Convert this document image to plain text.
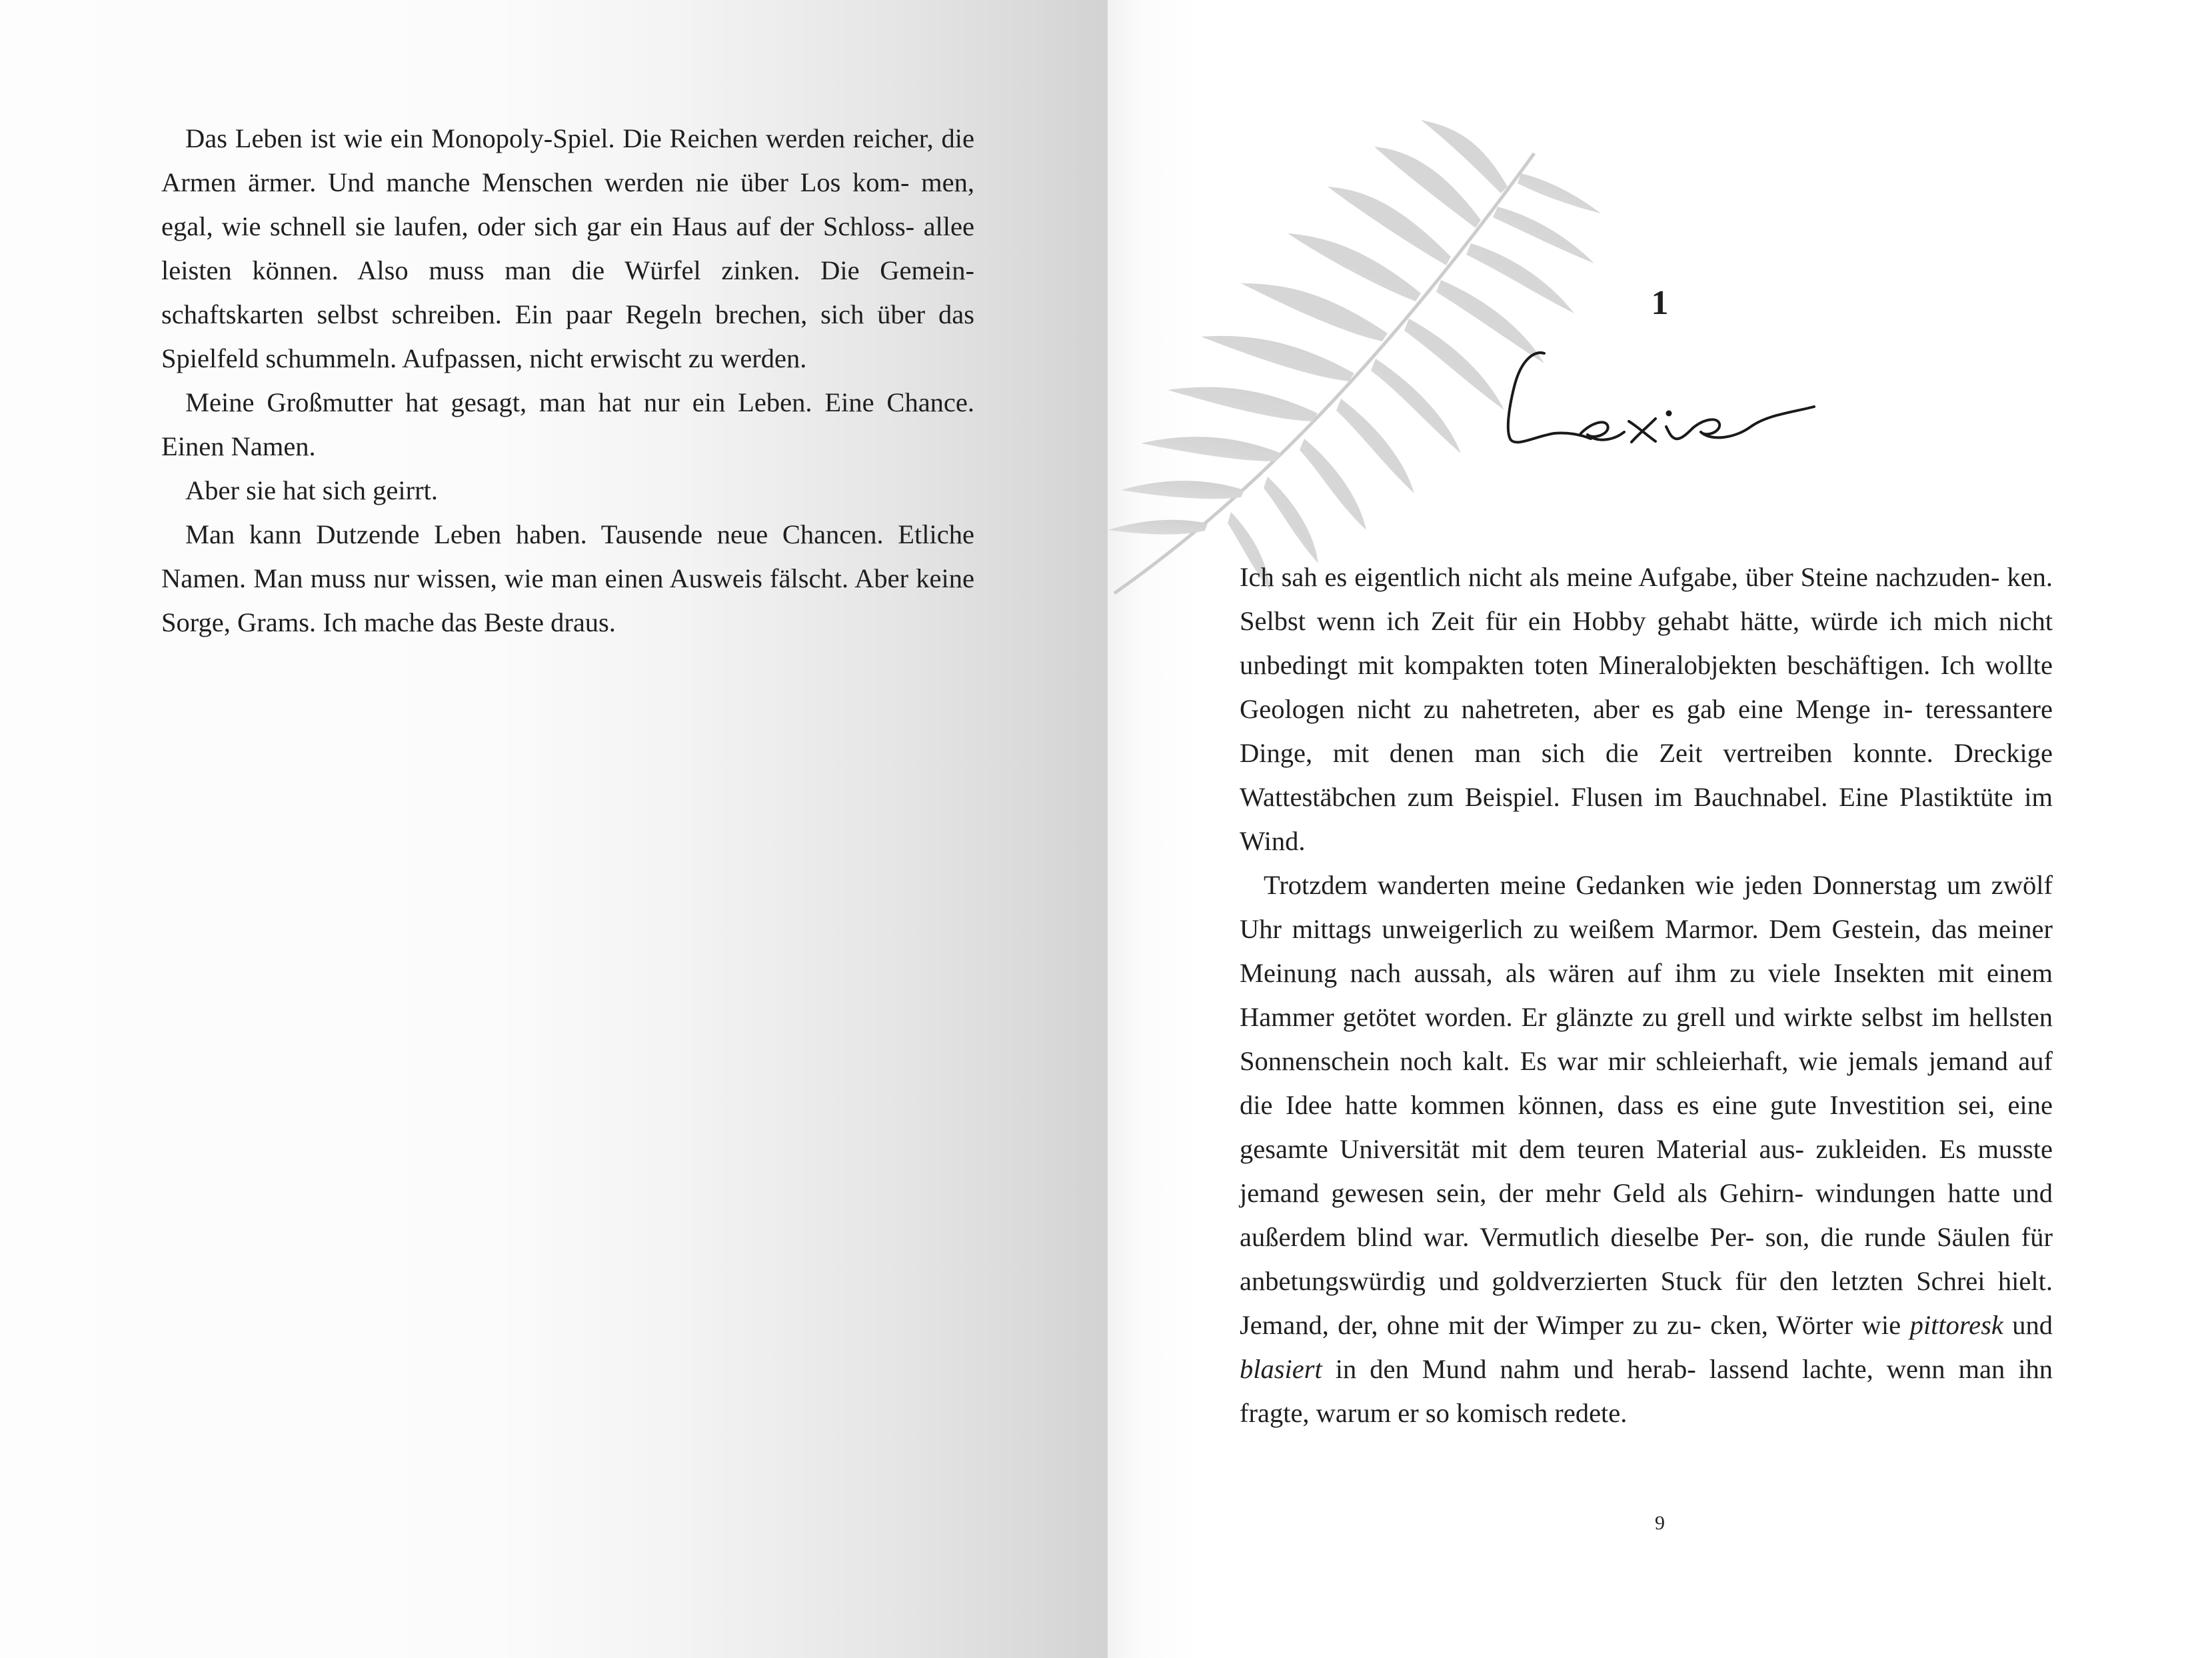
Das Leben ist wie ein Monopoly-Spiel. Die Reichen werden reicher, die Armen ärmer. Und manche Menschen werden nie über Los kom- men, egal, wie schnell sie laufen, oder sich gar ein Haus auf der Schloss- allee leisten können. Also muss man die Würfel zinken. Die Gemein- schaftskarten selbst schreiben. Ein paar Regeln brechen, sich über das Spielfeld schummeln. Aufpassen, nicht erwischt zu werden.

Meine Großmutter hat gesagt, man hat nur ein Leben. Eine Chance. Einen Namen.

Aber sie hat sich geirrt.

Man kann Dutzende Leben haben. Tausende neue Chancen. Etliche Namen. Man muss nur wissen, wie man einen Ausweis fälscht. Aber keine Sorge, Grams. Ich mache das Beste draus.

1

Ich sah es eigentlich nicht als meine Aufgabe, über Steine nachzuden- ken. Selbst wenn ich Zeit für ein Hobby gehabt hätte, würde ich mich nicht unbedingt mit kompakten toten Mineralobjekten beschäftigen. Ich wollte Geologen nicht zu nahetreten, aber es gab eine Menge in- teressantere Dinge, mit denen man sich die Zeit vertreiben konnte. Dreckige Wattestäbchen zum Beispiel. Flusen im Bauchnabel. Eine Plastiktüte im Wind.

Trotzdem wanderten meine Gedanken wie jeden Donnerstag um zwölf Uhr mittags unweigerlich zu weißem Marmor. Dem Gestein, das meiner Meinung nach aussah, als wären auf ihm zu viele Insekten mit einem Hammer getötet worden. Er glänzte zu grell und wirkte selbst im hellsten Sonnenschein noch kalt. Es war mir schleierhaft, wie jemals jemand auf die Idee hatte kommen können, dass es eine gute Investition sei, eine gesamte Universität mit dem teuren Material aus- zukleiden. Es musste jemand gewesen sein, der mehr Geld als Gehirn- windungen hatte und außerdem blind war. Vermutlich dieselbe Per- son, die runde Säulen für anbetungswürdig und goldverzierten Stuck für den letzten Schrei hielt. Jemand, der, ohne mit der Wimper zu zu- cken, Wörter wie pittoresk und blasiert in den Mund nahm und herab- lassend lachte, wenn man ihn fragte, warum er so komisch redete.

9
